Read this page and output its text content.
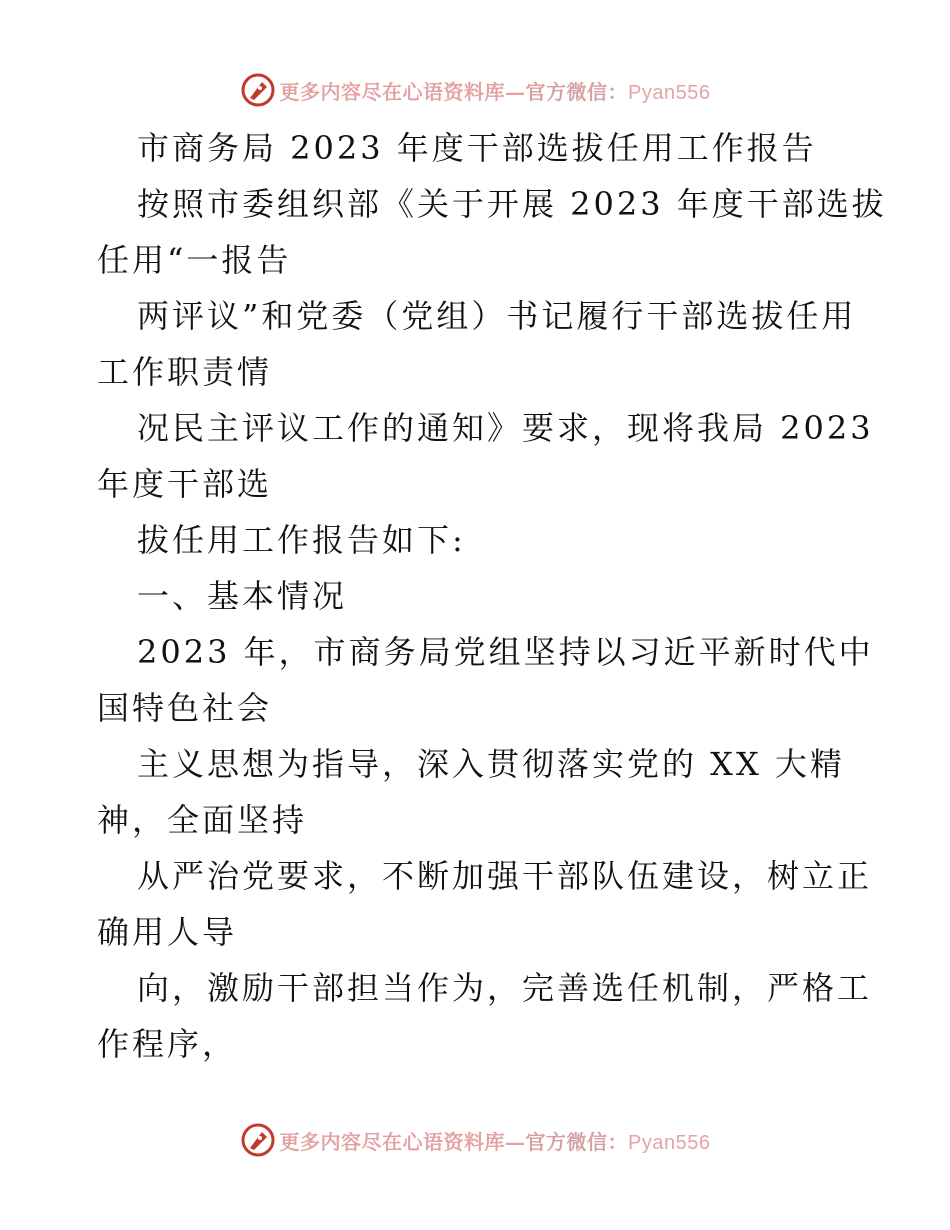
更多内容尽在心语资料库—官方微信：Pyan556
市商务局 2023 年度干部选拔任用工作报告
按照市委组织部《关于开展 2023 年度干部选拔
任用“一报告
两评议”和党委（党组）书记履行干部选拔任用
工作职责情
况民主评议工作的通知》要求，现将我局 2023
年度干部选
拔任用工作报告如下:
一、基本情况
2023 年，市商务局党组坚持以习近平新时代中
国特色社会
主义思想为指导，深入贯彻落实党的 XX 大精
神，全面坚持
从严治党要求，不断加强干部队伍建设，树立正
确用人导
向，激励干部担当作为，完善选任机制，严格工
作程序，
更多内容尽在心语资料库—官方微信：Pyan556
